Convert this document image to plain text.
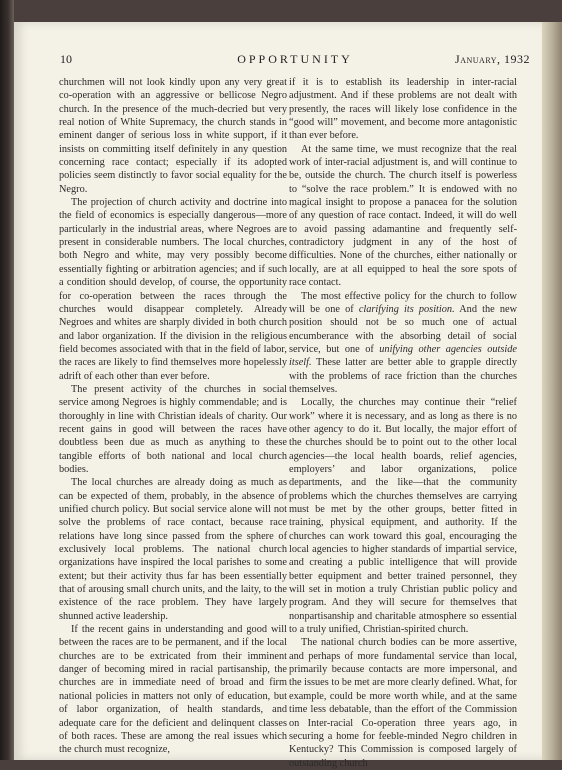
10	OPPORTUNITY	January, 1932

churchmen will not look kindly upon any very great co-operation with an aggressive or bellicose Negro church. In the presence of the much-decried but very real notion of White Supremacy, the church stands in eminent danger of serious loss in white support, if it insists on committing itself definitely in any question concerning race contact; especially if its adopted policies seem distinctly to favor social equality for the Negro.

The projection of church activity and doctrine into the field of economics is especially dangerous—more particularly in the industrial areas, where Negroes are present in considerable numbers. The local churches, both Negro and white, may very possibly become essentially fighting or arbitration agencies; and if such a condition should develop, of course, the opportunity for co-operation between the races through the churches would disappear completely. Already Negroes and whites are sharply divided in both church and labor organization. If the division in the religious field becomes associated with that in the field of labor, the races are likely to find themselves more hopelessly adrift of each other than ever before.

The present activity of the churches in social service among Negroes is highly commendable; and is thoroughly in line with Christian ideals of charity. Our recent gains in good will between the races have doubtless been due as much as anything to these tangible efforts of both national and local church bodies.

The local churches are already doing as much as can be expected of them, probably, in the absence of unified church policy. But social service alone will not solve the problems of race contact, because race relations have long since passed from the sphere of exclusively local problems. The national church organizations have inspired the local parishes to some extent; but their activity thus far has been essentially that of arousing small church units, and the laity, to the existence of the race problem. They have largely shunned active leadership.

If the recent gains in understanding and good will between the races are to be permanent, and if the local churches are to be extricated from their imminent danger of becoming mired in racial partisanship, the churches are in immediate need of broad and firm national policies in matters not only of education, but of labor organization, of health standards, and adequate care for the deficient and delinquent classes of both races. These are among the real issues which the church must recognize,

if it is to establish its leadership in inter-racial adjustment. And if these problems are not dealt with presently, the races will likely lose confidence in the “good will” movement, and become more antagonistic than ever before.

At the same time, we must recognize that the real work of inter-racial adjustment is, and will continue to be, outside the church. The church itself is powerless to “solve the race problem.” It is endowed with no magical insight to propose a panacea for the solution of any question of race contact. Indeed, it will do well to avoid passing adamantine and frequently self-contradictory judgment in any of the host of difficulties. None of the churches, either nationally or locally, are at all equipped to heal the sore spots of race contact.

The most effective policy for the church to follow will be one of clarifying its position. And the new position should not be so much one of actual encumberance with the absorbing detail of social service, but one of unifying other agencies outside itself. These latter are better able to grapple directly with the problems of race friction than the churches themselves.

Locally, the churches may continue their “relief work” where it is necessary, and as long as there is no other agency to do it. But locally, the major effort of the churches should be to point out to the other local agencies—the local health boards, relief agencies, employers’ and labor organizations, police departments, and the like—that the community problems which the churches themselves are carrying must be met by the other groups, better fitted in training, physical equipment, and authority. If the churches can work toward this goal, encouraging the local agencies to higher standards of impartial service, and creating a public intelligence that will provide better equipment and better trained personnel, they will set in motion a truly Christian public policy and program. And they will secure for themselves that nonpartisanship and charitable atmosphere so essential to a truly unified, Christian-spirited church.

The national church bodies can be more assertive, and perhaps of more fundamental service than local, primarily because contacts are more impersonal, and the issues to be met are more clearly defined. What, for example, could be more worth while, and at the same time less debatable, than the effort of the Commission on Inter-racial Co-operation three years ago, in securing a home for feeble-minded Negro children in Kentucky? This Commission is composed largely of outstanding church
